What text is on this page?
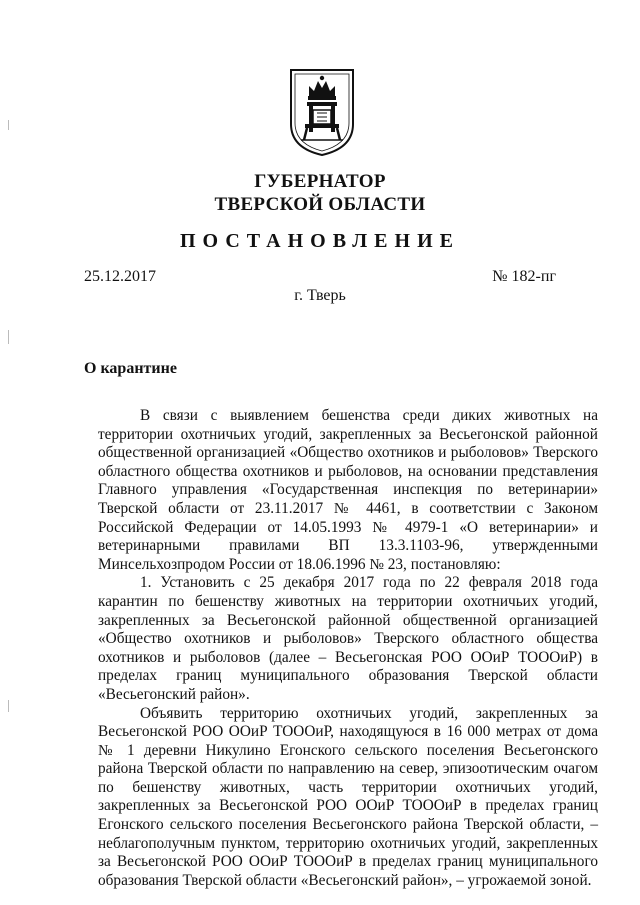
ГУБЕРНАТОР
ТВЕРСКОЙ ОБЛАСТИ
ПОСТАНОВЛЕНИЕ
25.12.2017	№ 182-пг
г. Тверь
О карантине

В связи с выявлением бешенства среди диких животных на территории охотничьих угодий, закрепленных за Весьегонской районной общественной организацией «Общество охотников и рыболовов» Тверского областного общества охотников и рыболовов, на основании представления Главного управления «Государственная инспекция по ветеринарии» Тверской области от 23.11.2017 № 4461, в соответствии с Законом Российской Федерации от 14.05.1993 № 4979-1 «О ветеринарии» и ветеринарными правилами ВП 13.3.1103-96, утвержденными Минсельхозпродом России от 18.06.1996 № 23, постановляю:

1. Установить с 25 декабря 2017 года по 22 февраля 2018 года карантин по бешенству животных на территории охотничьих угодий, закрепленных за Весьегонской районной общественной организацией «Общество охотников и рыболовов» Тверского областного общества охотников и рыболовов (далее – Весьегонская РОО ООиР ТОООиР) в пределах границ муниципального образования Тверской области «Весьегонский район».

Объявить территорию охотничьих угодий, закрепленных за Весьегонской РОО ООиР ТОООиР, находящуюся в 16 000 метрах от дома № 1 деревни Никулино Егонского сельского поселения Весьегонского района Тверской области по направлению на север, эпизоотическим очагом по бешенству животных, часть территории охотничьих угодий, закрепленных за Весьегонской РОО ООиР ТОООиР в пределах границ Егонского сельского поселения Весьегонского района Тверской области, – неблагополучным пунктом, территорию охотничьих угодий, закрепленных за Весьегонской РОО ООиР ТОООиР в пределах границ муниципального образования Тверской области «Весьегонский район», – угрожаемой зоной.
